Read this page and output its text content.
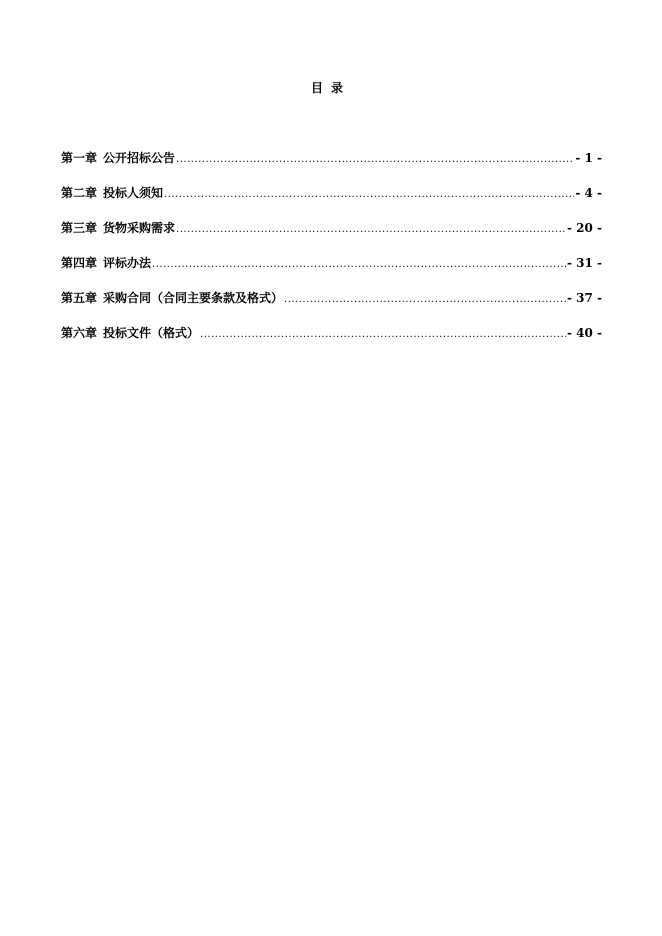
目录
第一章 公开招标公告 .....	- 1 -
第二章 投标人须知 .....	- 4 -
第三章 货物采购需求 .....	- 20 -
第四章 评标办法 .....	- 31 -
第五章 采购合同（合同主要条款及格式） .....	- 37 -
第六章 投标文件（格式） .....	- 40 -
